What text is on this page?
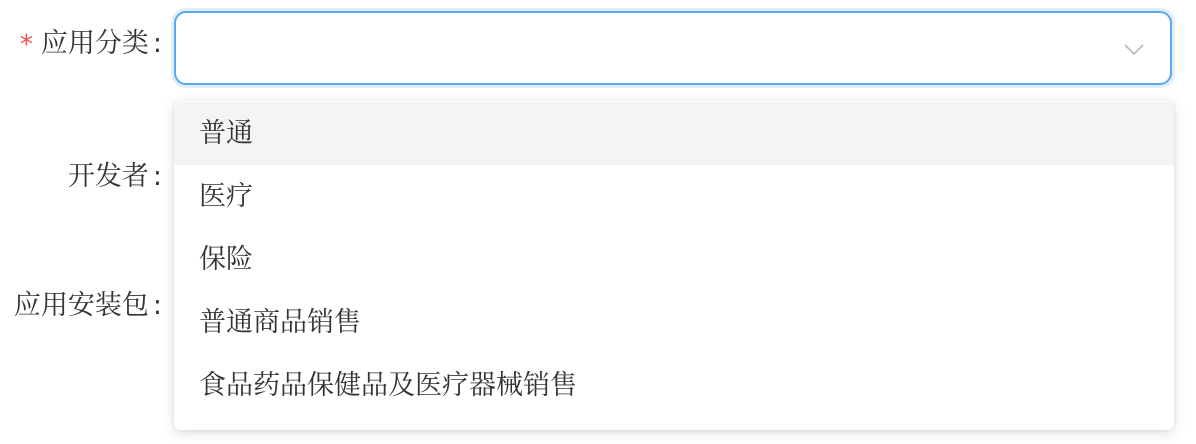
* 应用分类 :
开发者 :
应用安装包 :
普通
医疗
保险
普通商品销售
食品药品保健品及医疗器械销售
